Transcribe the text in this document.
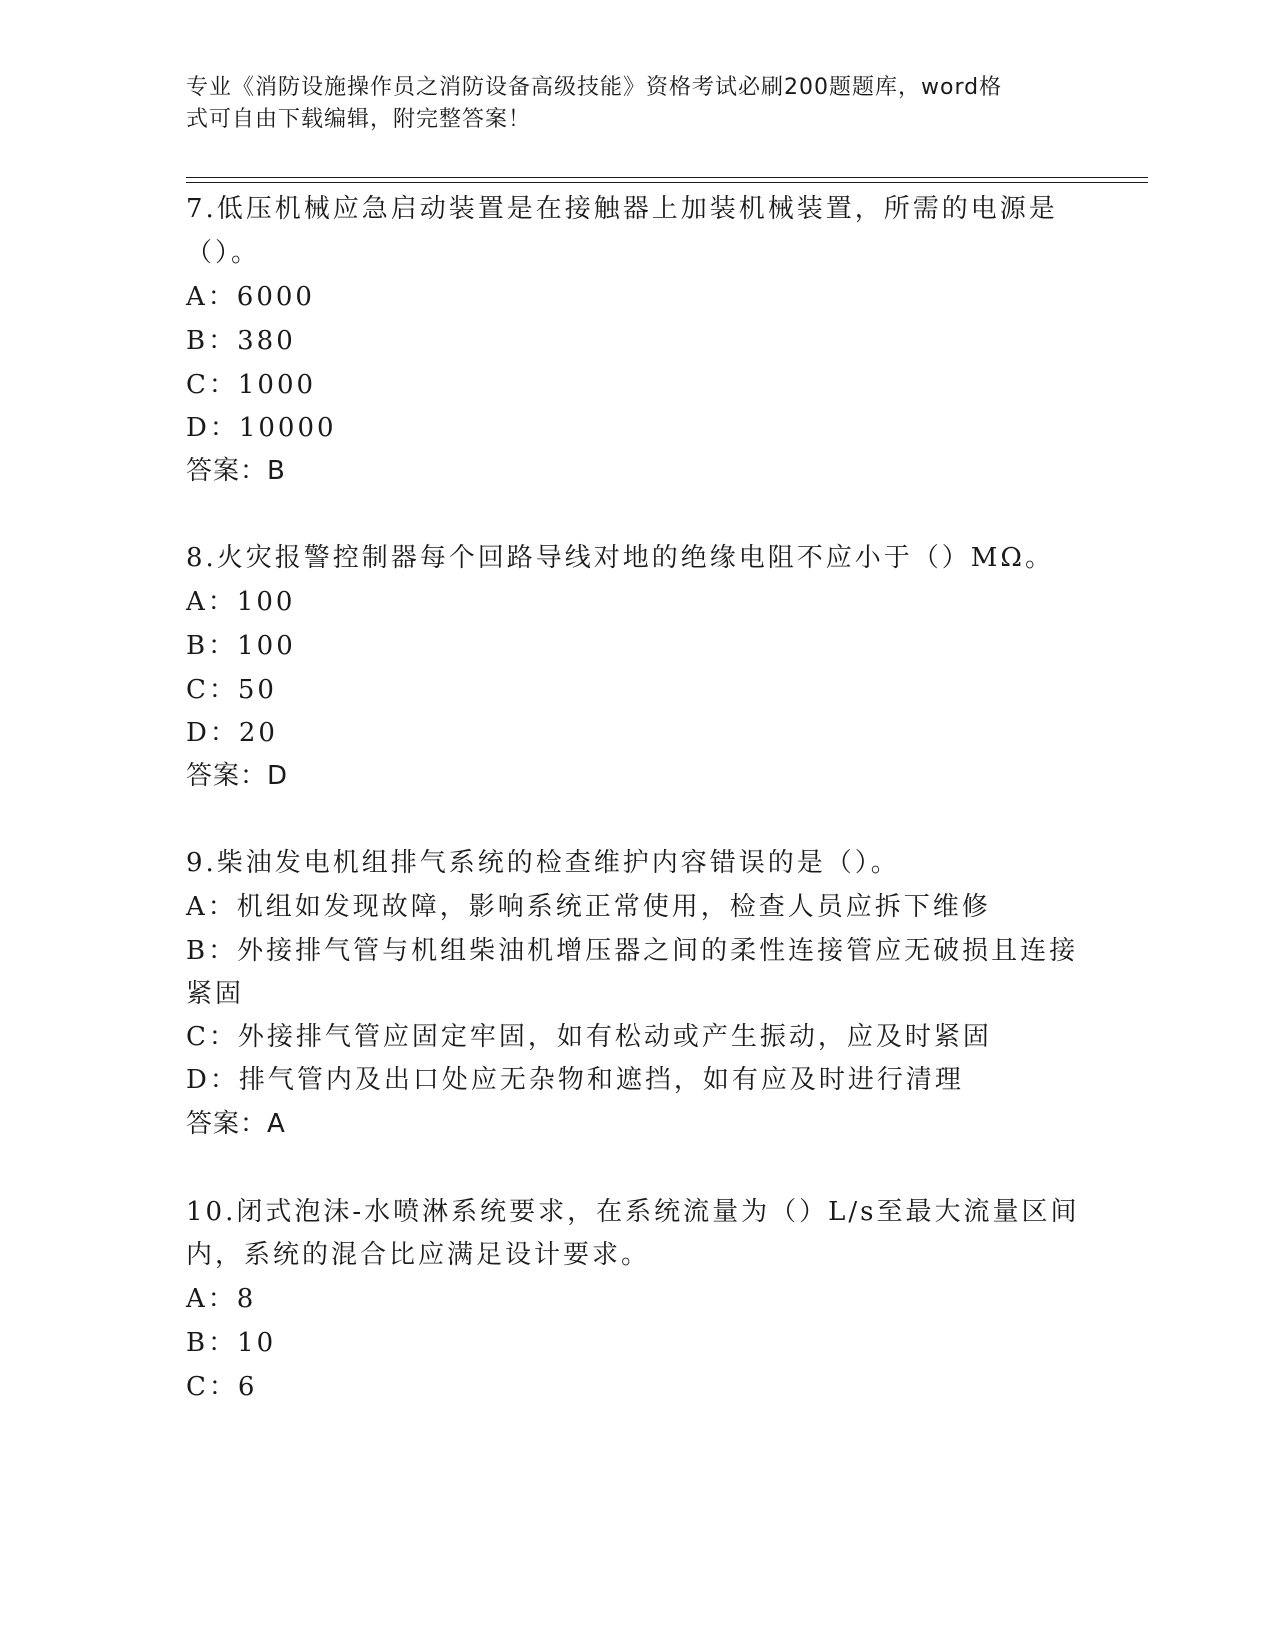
专业《消防设施操作员之消防设备高级技能》资格考试必刷200题题库，word格
式可自由下载编辑，附完整答案！
7.低压机械应急启动装置是在接触器上加装机械装置，所需的电源是
（）。
A：6000
B：380
C：1000
D：10000
答案：B
8.火灾报警控制器每个回路导线对地的绝缘电阻不应小于（）MΩ。
A：100
B：100
C：50
D：20
答案：D
9.柴油发电机组排气系统的检查维护内容错误的是（）。
A：机组如发现故障，影响系统正常使用，检查人员应拆下维修
B：外接排气管与机组柴油机增压器之间的柔性连接管应无破损且连接
紧固
C：外接排气管应固定牢固，如有松动或产生振动，应及时紧固
D：排气管内及出口处应无杂物和遮挡，如有应及时进行清理
答案：A
10.闭式泡沫-水喷淋系统要求，在系统流量为（）L/s至最大流量区间
内，系统的混合比应满足设计要求。
A：8
B：10
C：6
